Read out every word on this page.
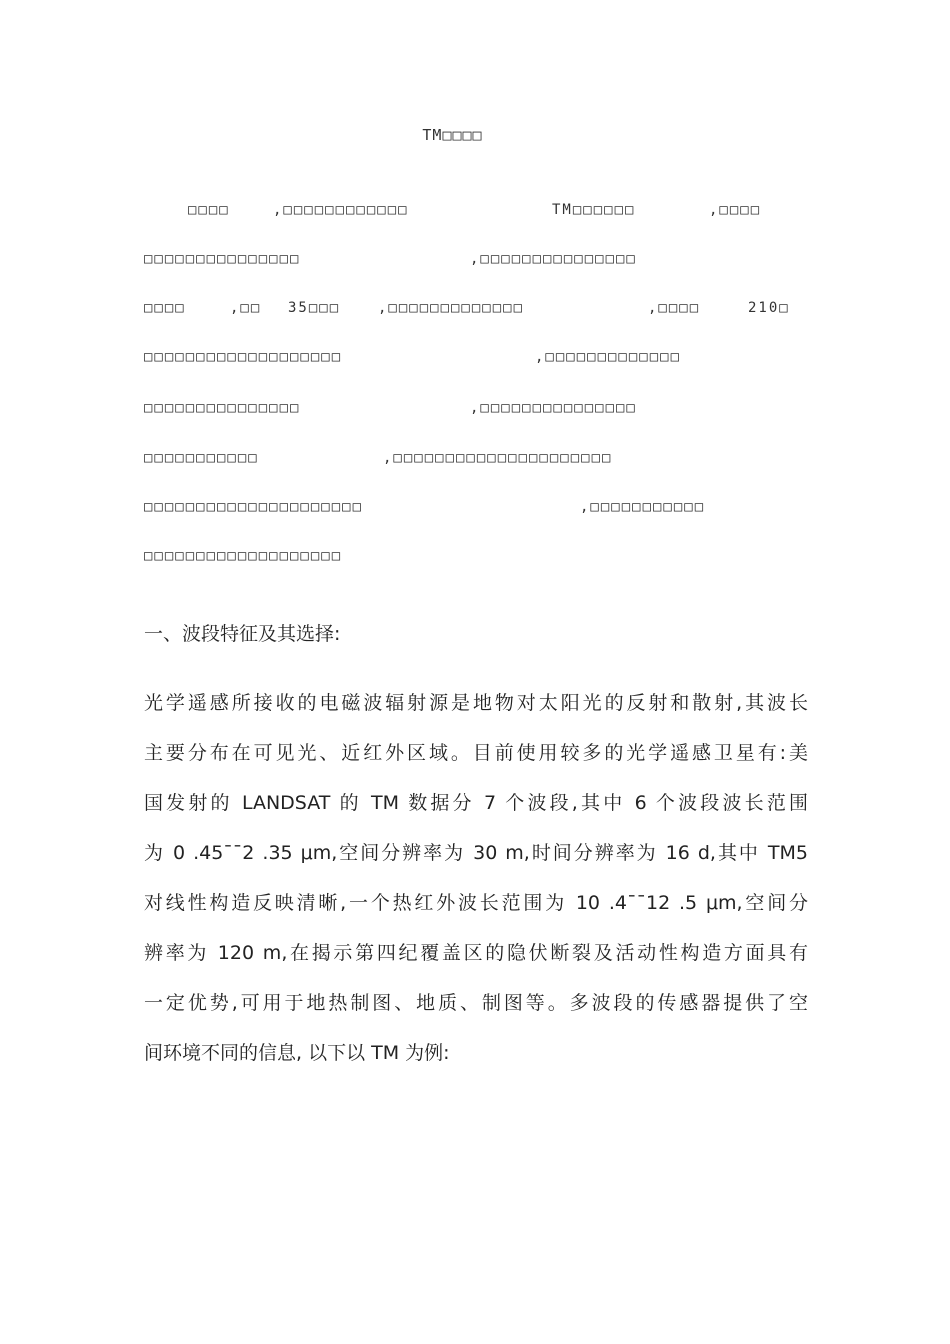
TM□□□□
□□□□	,□□□□□□□□□□□□	TM□□□□□□	,□□□□
□□□□□□□□□□□□□□□	,□□□□□□□□□□□□□□□
□□□□	,□□ 35□□□	,□□□□□□□□□□□□□	,□□□□	210□
□□□□□□□□□□□□□□□□□□□	,□□□□□□□□□□□□□
□□□□□□□□□□□□□□□	,□□□□□□□□□□□□□□□
□□□□□□□□□□□	,□□□□□□□□□□□□□□□□□□□□□
□□□□□□□□□□□□□□□□□□□□□	,□□□□□□□□□□□
□□□□□□□□□□□□□□□□□□□
一、波段特征及其选择:
光学遥感所接收的电磁波辐射源是地物对太阳光的反射和散射,其波长
主要分布在可见光、近红外区域。目前使用较多的光学遥感卫星有:美
国发射的 LANDSAT 的 TM 数据分 7 个波段,其中 6 个波段波长范围
为 0 .45¯¯2 .35 μm,空间分辨率为 30 m,时间分辨率为 16 d,其中 TM5
对线性构造反映清晰,一个热红外波长范围为 10 .4¯¯12 .5 μm,空间分
辨率为 120 m,在揭示第四纪覆盖区的隐伏断裂及活动性构造方面具有
一定优势,可用于地热制图、地质、制图等。多波段的传感器提供了空
间环境不同的信息, 以下以 TM 为例:
